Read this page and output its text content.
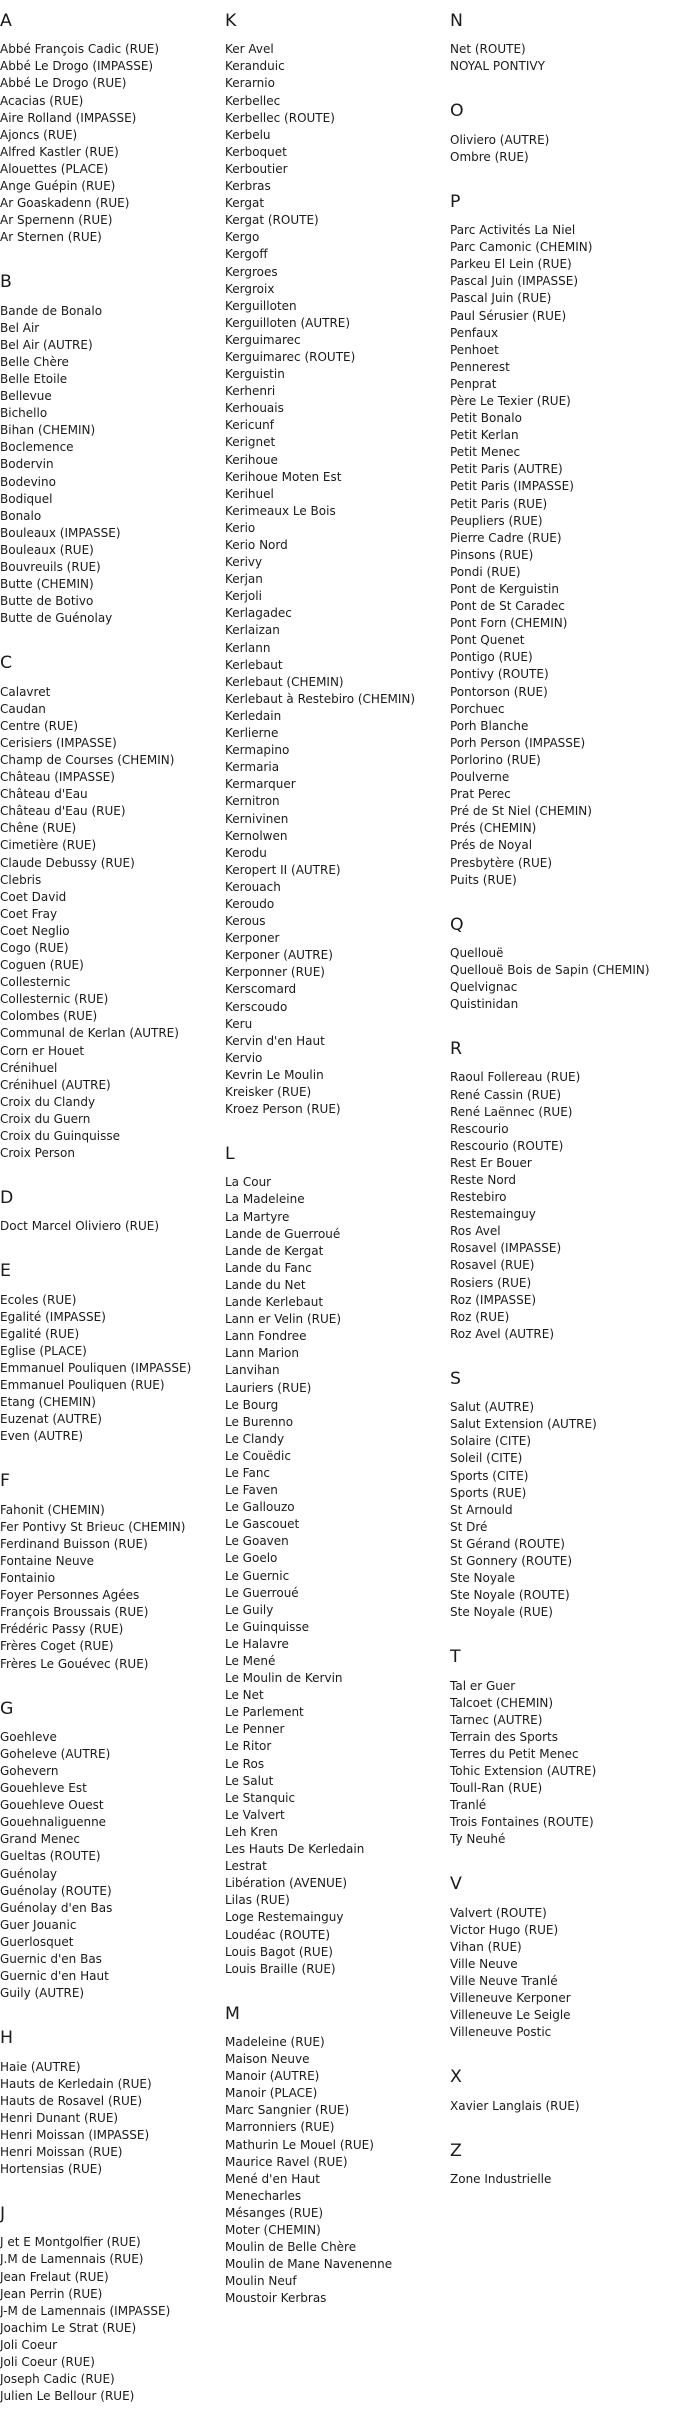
A
Abbé François Cadic (RUE)
Abbé Le Drogo (IMPASSE)
Abbé Le Drogo (RUE)
Acacias (RUE)
Aire Rolland (IMPASSE)
Ajoncs (RUE)
Alfred Kastler (RUE)
Alouettes (PLACE)
Ange Guépin (RUE)
Ar Goaskadenn (RUE)
Ar Spernenn (RUE)
Ar Sternen (RUE)
B
Bande de Bonalo
Bel Air
Bel Air (AUTRE)
Belle Chère
Belle Etoile
Bellevue
Bichello
Bihan (CHEMIN)
Boclemence
Bodervin
Bodevino
Bodiquel
Bonalo
Bouleaux (IMPASSE)
Bouleaux (RUE)
Bouvreuils (RUE)
Butte (CHEMIN)
Butte de Botivo
Butte de Guénolay
C
Calavret
Caudan
Centre (RUE)
Cerisiers (IMPASSE)
Champ de Courses (CHEMIN)
Château (IMPASSE)
Château d'Eau
Château d'Eau (RUE)
Chêne (RUE)
Cimetière (RUE)
Claude Debussy (RUE)
Clebris
Coet David
Coet Fray
Coet Neglio
Cogo (RUE)
Coguen (RUE)
Collesternic
Collesternic (RUE)
Colombes (RUE)
Communal de Kerlan (AUTRE)
Corn er Houet
Crénihuel
Crénihuel (AUTRE)
Croix du Clandy
Croix du Guern
Croix du Guinquisse
Croix Person
D
Doct Marcel Oliviero (RUE)
E
Ecoles (RUE)
Egalité (IMPASSE)
Egalité (RUE)
Eglise (PLACE)
Emmanuel Pouliquen (IMPASSE)
Emmanuel Pouliquen (RUE)
Etang (CHEMIN)
Euzenat (AUTRE)
Even (AUTRE)
F
Fahonit (CHEMIN)
Fer Pontivy St Brieuc (CHEMIN)
Ferdinand Buisson (RUE)
Fontaine Neuve
Fontainio
Foyer Personnes Agées
François Broussais (RUE)
Frédéric Passy (RUE)
Frères Coget (RUE)
Frères Le Gouévec (RUE)
G
Goehleve
Goheleve (AUTRE)
Gohevern
Gouehleve Est
Gouehleve Ouest
Gouehnaliguenne
Grand Menec
Gueltas (ROUTE)
Guénolay
Guénolay (ROUTE)
Guénolay d'en Bas
Guer Jouanic
Guerlosquet
Guernic d'en Bas
Guernic d'en Haut
Guily (AUTRE)
H
Haie (AUTRE)
Hauts de Kerledain (RUE)
Hauts de Rosavel (RUE)
Henri Dunant (RUE)
Henri Moissan (IMPASSE)
Henri Moissan (RUE)
Hortensias (RUE)
J
J et E Montgolfier (RUE)
J.M de Lamennais (RUE)
Jean Frelaut (RUE)
Jean Perrin (RUE)
J-M de Lamennais (IMPASSE)
Joachim Le Strat (RUE)
Joli Coeur
Joli Coeur (RUE)
Joseph Cadic (RUE)
Julien Le Bellour (RUE)
K
Ker Avel
Keranduic
Kerarnio
Kerbellec
Kerbellec (ROUTE)
Kerbelu
Kerboquet
Kerboutier
Kerbras
Kergat
Kergat (ROUTE)
Kergo
Kergoff
Kergroes
Kergroix
Kerguilloten
Kerguilloten (AUTRE)
Kerguimarec
Kerguimarec (ROUTE)
Kerguistin
Kerhenri
Kerhouais
Kericunf
Kerignet
Kerihoue
Kerihoue Moten Est
Kerihuel
Kerimeaux Le Bois
Kerio
Kerio Nord
Kerivy
Kerjan
Kerjoli
Kerlagadec
Kerlaizan
Kerlann
Kerlebaut
Kerlebaut (CHEMIN)
Kerlebaut à Restebiro (CHEMIN)
Kerledain
Kerlierne
Kermapino
Kermaria
Kermarquer
Kernitron
Kernivinen
Kernolwen
Kerodu
Keropert II (AUTRE)
Kerouach
Keroudo
Kerous
Kerponer
Kerponer (AUTRE)
Kerponner (RUE)
Kerscomard
Kerscoudo
Keru
Kervin d'en Haut
Kervio
Kevrin Le Moulin
Kreisker (RUE)
Kroez Person (RUE)
L
La Cour
La Madeleine
La Martyre
Lande de Guerroué
Lande de Kergat
Lande du Fanc
Lande du Net
Lande Kerlebaut
Lann er Velin (RUE)
Lann Fondree
Lann Marion
Lanvihan
Lauriers (RUE)
Le Bourg
Le Burenno
Le Clandy
Le Couëdic
Le Fanc
Le Faven
Le Gallouzo
Le Gascouet
Le Goaven
Le Goelo
Le Guernic
Le Guerroué
Le Guily
Le Guinquisse
Le Halavre
Le Mené
Le Moulin de Kervin
Le Net
Le Parlement
Le Penner
Le Ritor
Le Ros
Le Salut
Le Stanquic
Le Valvert
Leh Kren
Les Hauts De Kerledain
Lestrat
Libération (AVENUE)
Lilas (RUE)
Loge Restemainguy
Loudéac (ROUTE)
Louis Bagot (RUE)
Louis Braille (RUE)
M
Madeleine (RUE)
Maison Neuve
Manoir (AUTRE)
Manoir (PLACE)
Marc Sangnier (RUE)
Marronniers (RUE)
Mathurin Le Mouel (RUE)
Maurice Ravel (RUE)
Mené d'en Haut
Menecharles
Mésanges (RUE)
Moter (CHEMIN)
Moulin de Belle Chère
Moulin de Mane Navenenne
Moulin Neuf
Moustoir Kerbras
N
Net (ROUTE)
NOYAL PONTIVY
O
Oliviero (AUTRE)
Ombre (RUE)
P
Parc Activités La Niel
Parc Camonic (CHEMIN)
Parkeu El Lein (RUE)
Pascal Juin (IMPASSE)
Pascal Juin (RUE)
Paul Sérusier (RUE)
Penfaux
Penhoet
Pennerest
Penprat
Père Le Texier (RUE)
Petit Bonalo
Petit Kerlan
Petit Menec
Petit Paris (AUTRE)
Petit Paris (IMPASSE)
Petit Paris (RUE)
Peupliers (RUE)
Pierre Cadre (RUE)
Pinsons (RUE)
Pondi (RUE)
Pont de Kerguistin
Pont de St Caradec
Pont Forn (CHEMIN)
Pont Quenet
Pontigo (RUE)
Pontivy (ROUTE)
Pontorson (RUE)
Porchuec
Porh Blanche
Porh Person (IMPASSE)
Porlorino (RUE)
Poulverne
Prat Perec
Pré de St Niel (CHEMIN)
Prés (CHEMIN)
Prés de Noyal
Presbytère (RUE)
Puits (RUE)
Q
Quellouë
Quellouë Bois de Sapin (CHEMIN)
Quelvignac
Quistinidan
R
Raoul Follereau (RUE)
René Cassin (RUE)
René Laënnec (RUE)
Rescourio
Rescourio (ROUTE)
Rest Er Bouer
Reste Nord
Restebiro
Restemainguy
Ros Avel
Rosavel (IMPASSE)
Rosavel (RUE)
Rosiers (RUE)
Roz (IMPASSE)
Roz (RUE)
Roz Avel (AUTRE)
S
Salut (AUTRE)
Salut Extension (AUTRE)
Solaire (CITE)
Soleil (CITE)
Sports (CITE)
Sports (RUE)
St Arnould
St Dré
St Gérand (ROUTE)
St Gonnery (ROUTE)
Ste Noyale
Ste Noyale (ROUTE)
Ste Noyale (RUE)
T
Tal er Guer
Talcoet (CHEMIN)
Tarnec (AUTRE)
Terrain des Sports
Terres du Petit Menec
Tohic Extension (AUTRE)
Toull-Ran (RUE)
Tranlé
Trois Fontaines (ROUTE)
Ty Neuhé
V
Valvert (ROUTE)
Victor Hugo (RUE)
Vihan (RUE)
Ville Neuve
Ville Neuve Tranlé
Villeneuve Kerponer
Villeneuve Le Seigle
Villeneuve Postic
X
Xavier Langlais (RUE)
Z
Zone Industrielle
